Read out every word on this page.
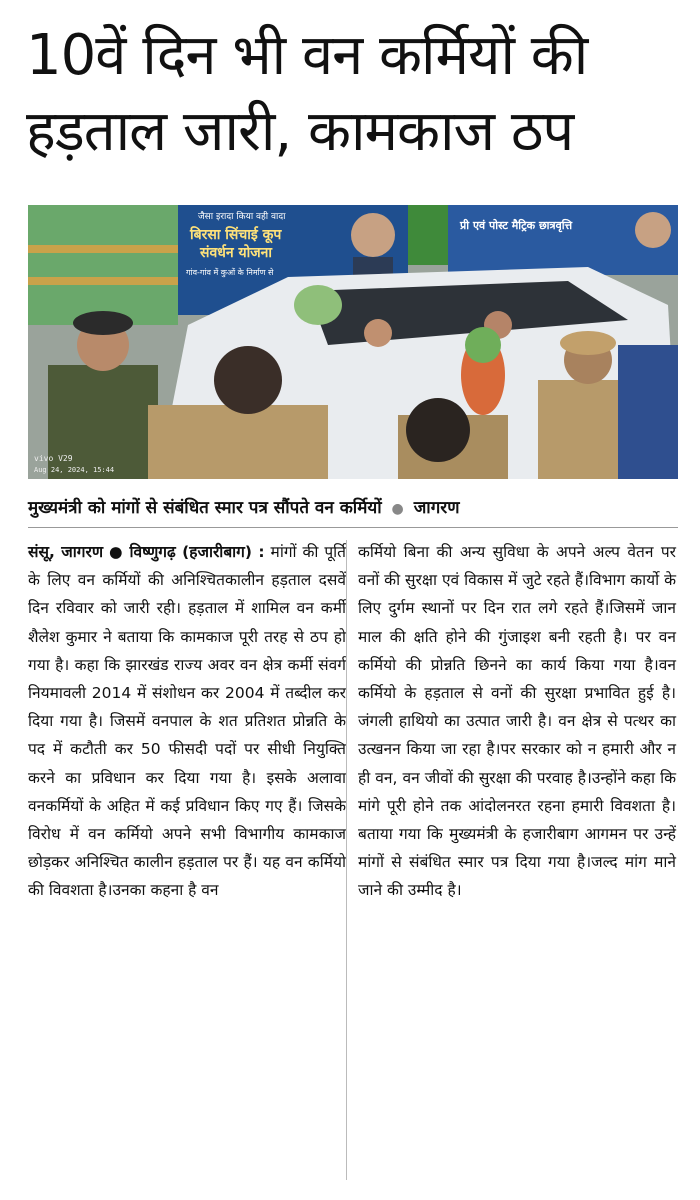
10वें दिन भी वन कर्मियों की हड़ताल जारी, कामकाज ठप
जैसा इरादा किया वही वादा
बिरसा सिंचाई कूप
संवर्धन योजना
गांव-गांव में कुओं के निर्माण से
प्री एवं पोस्ट मैट्रिक छात्रवृत्ति
vivo V29
Aug 24, 2024, 15:44
मुख्यमंत्री को मांगों से संबंधित स्मार पत्र सौंपते वन कर्मियों ● जागरण
संसू, जागरण ● विष्णुगढ़ (हजारीबाग) : मांगों की पूर्ति के लिए वन कर्मियों की अनिश्चितकालीन हड़ताल दसवें दिन रविवार को जारी रही। हड़ताल में शामिल वन कर्मी शैलेश कुमार ने बताया कि कामकाज पूरी तरह से ठप हो गया है। कहा कि झारखंड राज्य अवर वन क्षेत्र कर्मी संवर्ग नियमावली 2014 में संशोधन कर 2004 में तब्दील कर दिया गया है। जिसमें वनपाल के शत प्रतिशत प्रोन्नति के पद में कटौती कर 50 फीसदी पदों पर सीधी नियुक्ति करने का प्रविधान कर दिया गया है। इसके अलावा वनकर्मियों के अहित में कई प्रविधान किए गए हैं। जिसके विरोध में वन कर्मियो अपने सभी विभागीय कामकाज छोड़कर अनिश्चित कालीन हड़ताल पर हैं। यह वन कर्मियो की विवशता है।उनका कहना है वन
कर्मियो बिना की अन्य सुविधा के अपने अल्प वेतन पर वनों की सुरक्षा एवं विकास में जुटे रहते हैं।विभाग कार्यो के लिए दुर्गम स्थानों पर दिन रात लगे रहते हैं।जिसमें जान माल की क्षति होने की गुंजाइश बनी रहती है। पर वन कर्मियो की प्रोन्नति छिनने का कार्य किया गया है।वन कर्मियो के हड़ताल से वनों की सुरक्षा प्रभावित हुई है। जंगली हाथियो का उत्पात जारी है। वन क्षेत्र से पत्थर का उत्खनन किया जा रहा है।पर सरकार को न हमारी और न ही वन, वन जीवों की सुरक्षा की परवाह है।उन्होंने कहा कि मांगे पूरी होने तक आंदोलनरत रहना हमारी विवशता है। बताया गया कि मुख्यमंत्री के हजारीबाग आगमन पर उन्हें मांगों से संबंधित स्मार पत्र दिया गया है।जल्द मांग माने जाने की उम्मीद है।
